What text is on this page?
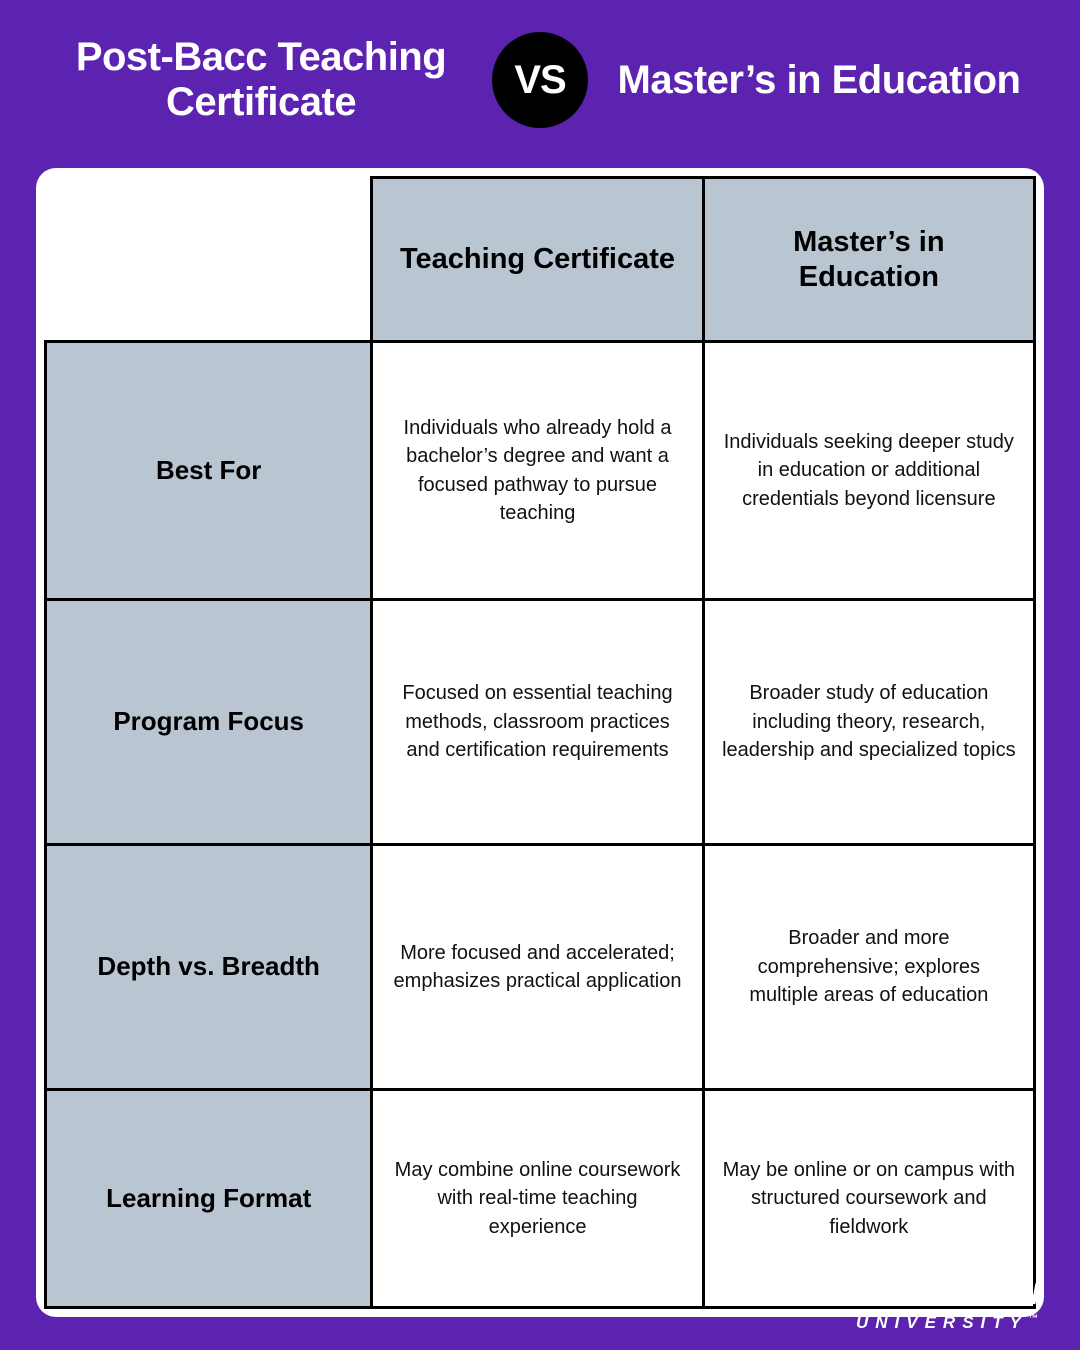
Post-Bacc Teaching Certificate
VS	Master’s in Education
	Teaching Certificate	Master’s in Education
Best For	Individuals who already hold a bachelor’s degree and want a focused pathway to pursue teaching	Individuals seeking deeper study in education or additional credentials beyond licensure
Program Focus	Focused on essential teaching methods, classroom practices and certification requirements	Broader study of education including theory, research, leadership and specialized topics
Depth vs. Breadth	More focused and accelerated; emphasizes practical application	Broader and more comprehensive; explores multiple areas of education
Learning Format	May combine online coursework with real-time teaching experience	May be online or on campus with structured coursework and fieldwork
GRAND CANYON
UNIVERSITY™
